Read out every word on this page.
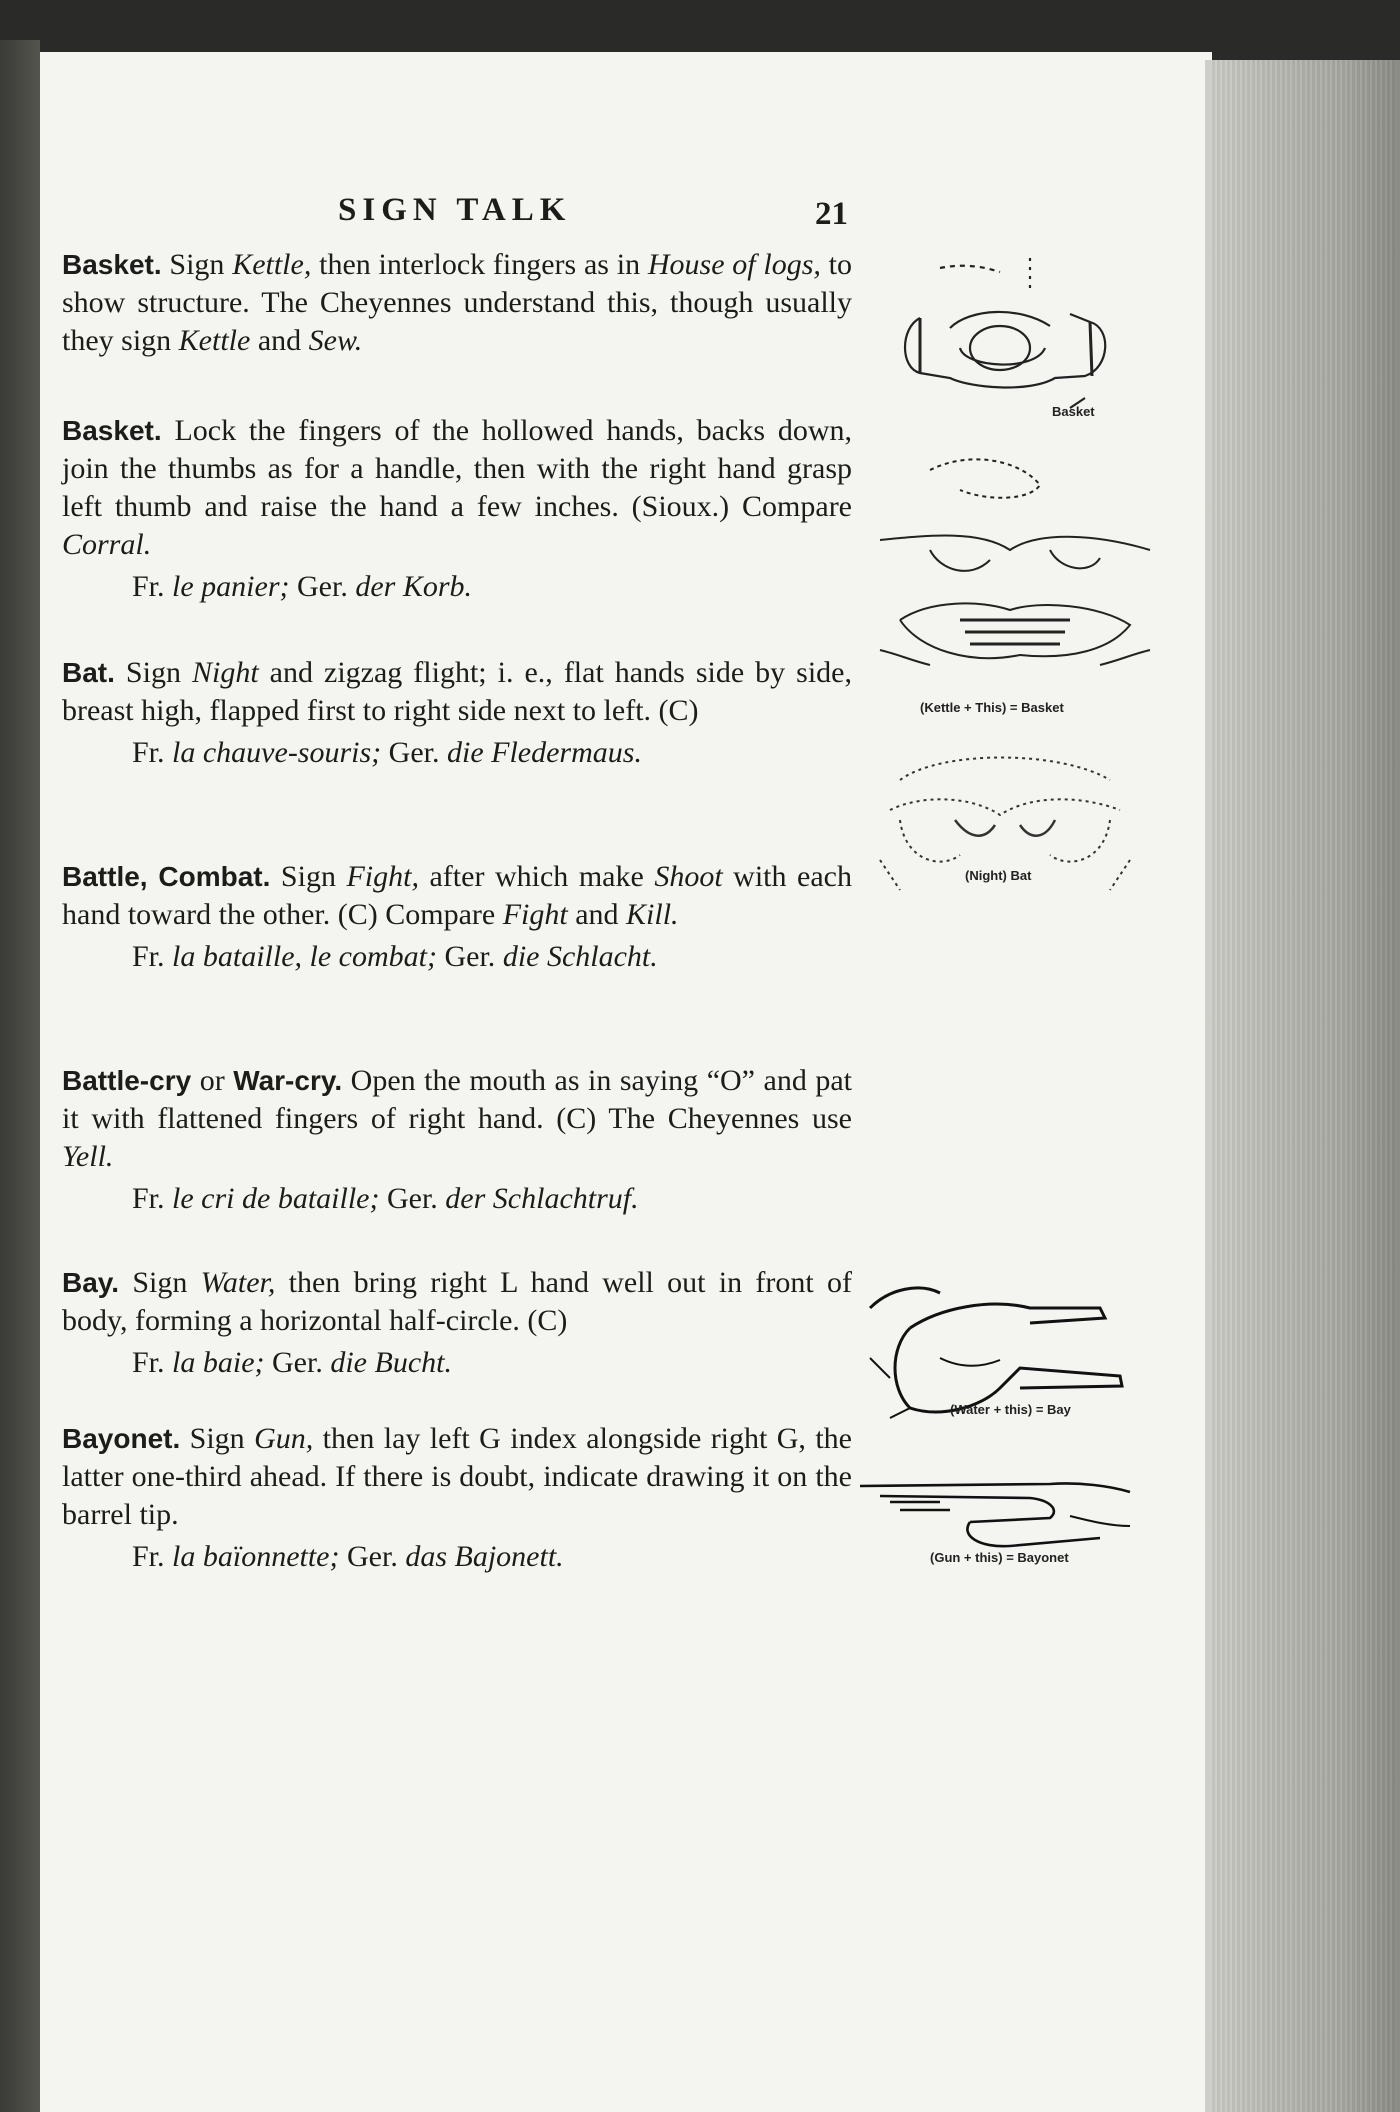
SIGN TALK	21

Basket. Sign Kettle, then interlock fingers as in House of logs, to show structure. The Cheyennes understand this, though usually they sign Kettle and Sew.

Basket. Lock the fingers of the hollowed hands, backs down, join the thumbs as for a handle, then with the right hand grasp left thumb and raise the hand a few inches. (Sioux.) Compare Corral.

Fr. le panier; Ger. der Korb.

Bat. Sign Night and zigzag flight; i. e., flat hands side by side, breast high, flapped first to right side next to left. (C)

Fr. la chauve-souris; Ger. die Fledermaus.

Battle, Combat. Sign Fight, after which make Shoot with each hand toward the other. (C) Compare Fight and Kill.

Fr. la bataille, le combat; Ger. die Schlacht.

Battle-cry or War-cry. Open the mouth as in saying “O” and pat it with flattened fingers of right hand. (C) The Cheyennes use Yell.

Fr. le cri de bataille; Ger. der Schlachtruf.

Bay. Sign Water, then bring right L hand well out in front of body, forming a horizontal half-circle. (C)

Fr. la baie; Ger. die Bucht.

Bayonet. Sign Gun, then lay left G index alongside right G, the latter one-third ahead. If there is doubt, indicate drawing it on the barrel tip.

Fr. la baïonnette; Ger. das Bajonett.

Basket
(Kettle + This) = Basket
(Night) Bat
(Water + this) = Bay
(Gun + this) = Bayonet
